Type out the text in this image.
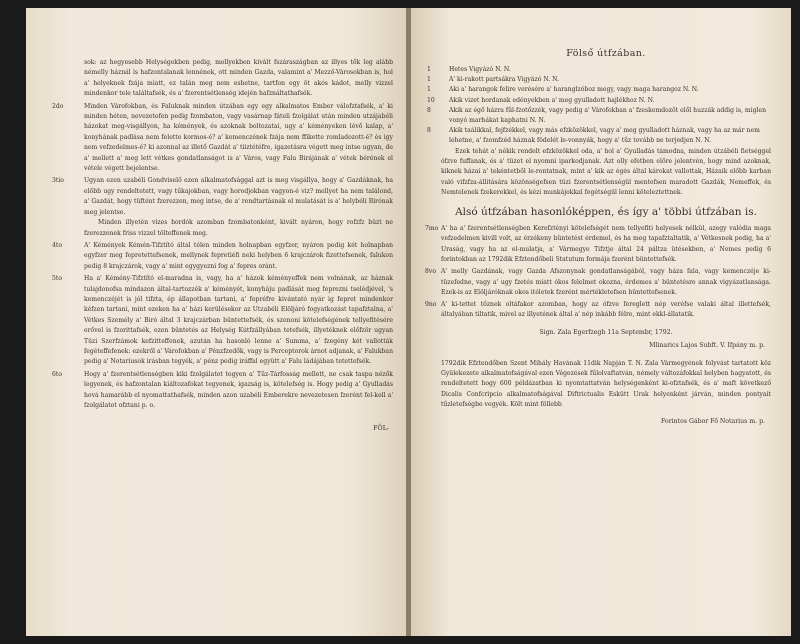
sok: az hegyesebb Helységekben pedig, mellyekben kivált fszáraszágban az illyes tők leg alább némelly háznál is hafzontalanak lennének, ott minden Gazda, valamint a' Mezző-Városokban is, hol a' helyeknek fzája miatt, ez talán meg nem eshetne, tartfon egy öt akós kádot, melly vizzel mindenkor tele találtafsék, és a' fzerentsétlenség idején hafználtathafsék.

2do	Minden Várofokban, és Faluknak minden útzában egy egy alkalmatos Ember válofztafsék, a' ki minden héten, nevezetefen pedig fzombaton, vagy vasárnap fáteli fzolgálat után minden utzájabéli házokat meg-visgállyon, ha kémények, és azoknak boltozatai, ugy a' kéményeken lévő kalap, a' konyhának padlása nem felette kormos-é? a' kemenczének fzája nem ffikette romladozott-é? és igy nem vefzedelmes-é? ki azonnal az illető Gazdát a' tiiztétéfre, igazetásra végett meg intse ugyan, de a' mellett a' meg lett vétkes gondatlanságot is a' Város, vagy Falu Birájának a' vétek bérének el vétele végett bejelentse.

3tio	Ugyan ezen uzabéli Gondviselő ezen alkalmatofsággal azt is meg visgállya, hogy a' Gazdáknak, ha előbb ugy rendeltetett, vagy tűkajokban, vagy horodjokban vagyon-é viz? mellyet ha nem találond, a' Gazdát, hogy tüftént fzerezzen, meg intse, de a' rendtartásnak el mulatását is a' helybéli Birónak meg jelentse.

Minden illyetén vizes hordók azomban fzombatonként, kivált nyáron, hogy rofzfz büzt ne fzerezzenek friss vizzel tölteffenek meg.

4to	A' Kémények Kémén-Tifztító által télen minden holnapban egyfzer, nyáron pedig két holnapban egyfzer meg fepretettefsenek, mellynek fepretiéfi neki helyben 6 krajczárok fizettefsenek, falukon pedig 8 krajczárok, vagy a' mint egygyezni fog a' fepres oránt.

5to	Ha a' Kémény-Tifztító el-maradna is, vagy, ha a' házok kéményeffek nem volnának, az háznak tulajdonofsa mindazon által-tartozzék a' kéményét, konyháju padlását meg feprezni tselédjével, 's kemenczéjét is jól tifzta, ép állapotban tartani, a' fepréfre kivántató nyár ig fepret mindenkor kéfzen tartani, mint ezeken ha a' házi kerülésekor az Utzabéli Elöljáró fogyatkozást tapafztalna, a' Vétkes Személy a' Biró által 3 krajczárban büntettefsék, és szenoni kötelefségének tellyefitésére erővel is fzorittafsék, ezen büntetés az Helység Kútfzállyában tetefsék, illyetéknek előfzör ugyan Tüzi Szerfzámok kefzitteffenek, azután ha hasonló lenne a' Summa, a' fzegény két vallották fegéteffefenek: ezekről a' Várofokban a' Pénzfzedők, vagy is Perceptorok árnot adjanak, a' Falukban pedig a' Notariusok irásban tegyék, a' pénz pedig iráffal együtt a' Falu ládájában tetettefsék.

6to	Hogy a' fzerentsétlenségben kiki fzolgálatot tegyen a' Tűz-Tárfosság mellett, ne csak taspa nézők legyenek, és hafzontalan kiáltozafokat tegyenek, igazság is, kötelefség is. Hogy pedig a' Gyulladás hová hamarább el nyomattathafsék, minden azon uzabéli Emberekre nevezetesen fzerént fel-kell a' fzolgálatot ofztani p. o.

FÖL-
Fölső útfzában.
1	Hetes Vigyázó N. N.
1	A' ki-rakott partsákra Vigyázó N. N.
1	Aki a' harangok felire verésére a' haranglzóboz megy, vagy maga harangoz N. N.
10 Akik vizet hordanak edényekben a' meg gyulladott hajlékhoz N. N.
8	Akik az égő házra fűl-fzotőzzék, vagy pedig a' Várofokban a' fzeskemdozőt elől huzzák addig is, miglen vonyó marhákat kaphatni N. N.
8	Akik taálikkal, fejfzékkel, vagy más efzközökkel, vagy a' meg gyulladott háznak, vagy ha az már nem lehetne, a' fzomfzéd háznak födelét le-vonnyák, hogy a' tűz tovább ne terjedjen N. N.

Ezek tehát a' nékik rendelt efzközökkel oda, a' hol a' Gyulladás támodna, minden útzábéli fietséggel ófzve fuffanak, és a' tüzet el nyomni iparkodjanak. Azt olly efetben előre jelentvén, hogy mind azoknak, kiknek házai a' tekéntetből le-rontatnak, mint a' kik az égés által károkat vallottak, Házaik előbb karban való vifzfza-állitására közönségefsen tüzi fzerentsétlenségül mentefsen maradott Gazdák, Nemeffek, és Nemtelenek fzekerekkel, és kézi munkájokkal fegétségül lenni köteleztettnek.

Alsó útfzában hasonlóképpen, és így a' többi útfzában is.

7mo A' ha a' fzerentsétlenségben Kerefztényi kötelefségét nem tellyefiti helyesek nélkül, azegy valódia maga vefzedelmen kivill volt, az érzékeny büntetést érdemel, és ha meg tapafztaltatik, a' Vétkesnek pedig, ha a' Uraság, vagy ha az el-mulatja, a' Vármegye Tifztje által 24 páltza ütésekben, a' Nemes pedig 6 forintokban az 1792dik Efztendőbeli Statutum formája fzerént büntettefsék.

8vo A' melly Gazdának, vagy Gazda Afszonynak gondatlanságából, vagy háza fala, vagy kemenczéje ki-tüzefedne, vagy a' ugy fzetés miatt ókos felelmet okozna, érdemes a' büntetésre annak vigyázatlansága. Ezek-is az Elöljáróknak okos itéletek fzerént mértékletefsen büntettefsenek.

9no A' ki-tettet tőznek oltáfakor azomban, hogy az ófzve fereglett nép veréfse valaki által illettefsék, általyában tiltatik, mivel az illyetének által a' nép inkább félre, mint ekkl-állatatik.

Sign. Zala Egerfzegh 11a Septembr, 1792.
Mlinarics Lajos Subft. V. Ifpány m. p.

1792dik Efztendőben Szent Mihály Havának 11dik Napján T. N. Zala Vármegyének folyvást tartatott köz Gyülekezete alkalmatofságával ezen Végezések fűlolvaftatván, némely változáfokkal helyben hagyatott, és rendeltetett hogy 600 példázatban ki nyomtattatván helységenként ki-ofztafsék, és a' maft következő Dicalis Confcripcio alkalmatofságával Diftrictualis Eskütt Urak helyenként járván, minden pontyait tűzletefségbe vegyék. Költ mint föllebb

Forintos Gábor Fő Notarius m. p.
